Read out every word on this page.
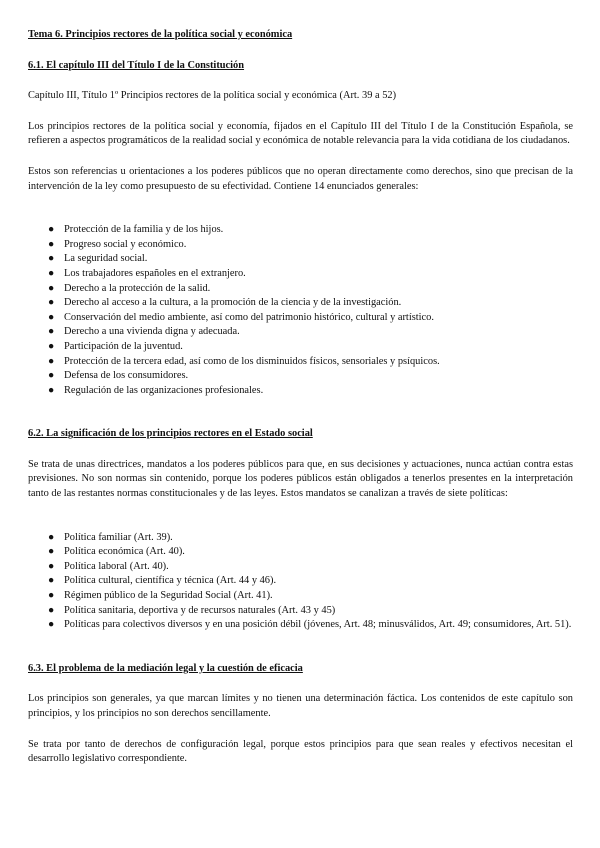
Tema 6. Principios rectores de la política social y económica

6.1. El capítulo III del Título I de la Constitución

Capítulo III, Título 1º Principios rectores de la política social y económica (Art. 39 a 52)

Los principios rectores de la política social y economía, fijados en el Capítulo III del Título I de la Constitución Española, se refieren a aspectos programáticos de la realidad social y económica de notable relevancia para la vida cotidiana de los ciudadanos.

Estos son referencias u orientaciones a los poderes públicos que no operan directamente como derechos, sino que precisan de la intervención de la ley como presupuesto de su efectividad. Contiene 14 enunciados generales:

● Protección de la familia y de los hijos.
● Progreso social y económico.
● La seguridad social.
● Los trabajadores españoles en el extranjero.
● Derecho a la protección de la salid.
● Derecho al acceso a la cultura, a la promoción de la ciencia y de la investigación.
● Conservación del medio ambiente, así como del patrimonio histórico, cultural y artístico.
● Derecho a una vivienda digna y adecuada.
● Participación de la juventud.
● Protección de la tercera edad, así como de los disminuidos físicos, sensoriales y psíquicos.
● Defensa de los consumidores.
● Regulación de las organizaciones profesionales.

6.2. La significación de los principios rectores en el Estado social

Se trata de unas directrices, mandatos a los poderes públicos para que, en sus decisiones y actuaciones, nunca actúan contra estas previsiones. No son normas sin contenido, porque los poderes públicos están obligados a tenerlos presentes en la interpretación tanto de las restantes normas constitucionales y de las leyes. Estos mandatos se canalizan a través de siete políticas:

● Política familiar (Art. 39).
● Política económica (Art. 40).
● Política laboral (Art. 40).
● Política cultural, científica y técnica (Art. 44 y 46).
● Régimen público de la Seguridad Social (Art. 41).
● Política sanitaria, deportiva y de recursos naturales (Art. 43 y 45)
● Políticas para colectivos diversos y en una posición débil (jóvenes, Art. 48; minusválidos, Art. 49; consumidores, Art. 51).

6.3. El problema de la mediación legal y la cuestión de eficacia

Los principios son generales, ya que marcan límites y no tienen una determinación fáctica. Los contenidos de este capítulo son principios, y los principios no son derechos sencillamente.

Se trata por tanto de derechos de configuración legal, porque estos principios para que sean reales y efectivos necesitan el desarrollo legislativo correspondiente.
